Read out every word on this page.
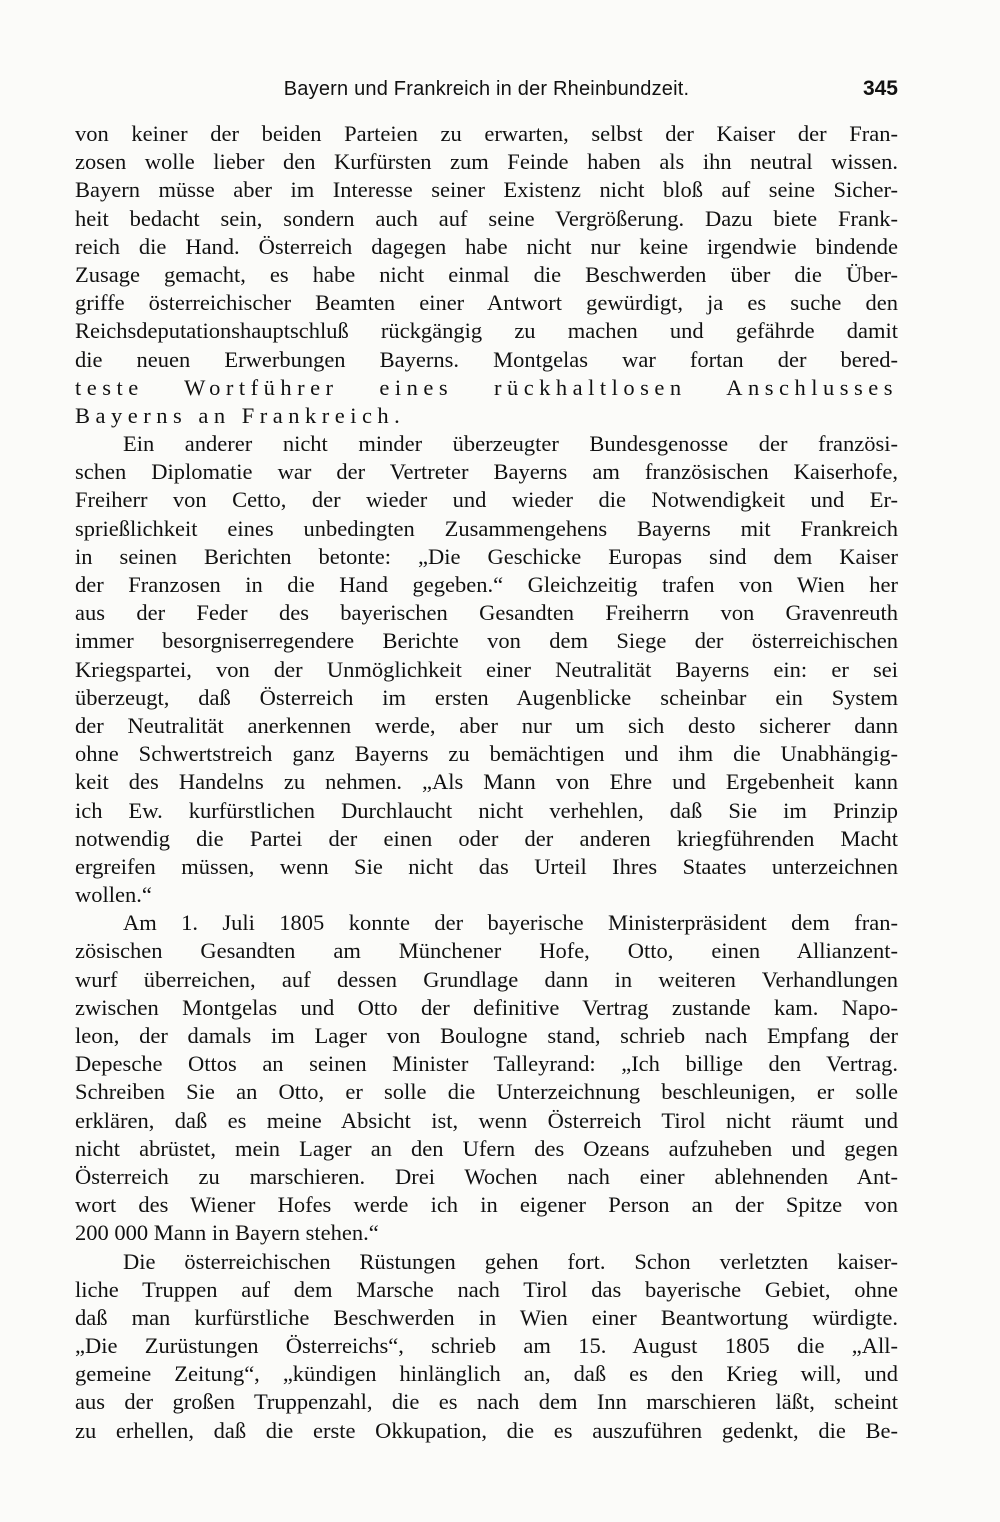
Bayern und Frankreich in der Rheinbundzeit.	345
von keiner der beiden Parteien zu erwarten, selbst der Kaiser der Fran-
zosen wolle lieber den Kurfürsten zum Feinde haben als ihn neutral wissen.
Bayern müsse aber im Interesse seiner Existenz nicht bloß auf seine Sicher-
heit bedacht sein, sondern auch auf seine Vergrößerung. Dazu biete Frank-
reich die Hand. Österreich dagegen habe nicht nur keine irgendwie bindende
Zusage gemacht, es habe nicht einmal die Beschwerden über die Über-
griffe österreichischer Beamten einer Antwort gewürdigt, ja es suche den
Reichsdeputationshauptschluß rückgängig zu machen und gefährde damit
die neuen Erwerbungen Bayerns. Montgelas war fortan der bered-
teste Wortführer eines rückhaltlosen Anschlusses
Bayerns an Frankreich.
Ein anderer nicht minder überzeugter Bundesgenosse der französi-
schen Diplomatie war der Vertreter Bayerns am französischen Kaiserhofe,
Freiherr von Cetto, der wieder und wieder die Notwendigkeit und Er-
sprießlichkeit eines unbedingten Zusammengehens Bayerns mit Frankreich
in seinen Berichten betonte: „Die Geschicke Europas sind dem Kaiser
der Franzosen in die Hand gegeben.“ Gleichzeitig trafen von Wien her
aus der Feder des bayerischen Gesandten Freiherrn von Gravenreuth
immer besorgniserregendere Berichte von dem Siege der österreichischen
Kriegspartei, von der Unmöglichkeit einer Neutralität Bayerns ein: er sei
überzeugt, daß Österreich im ersten Augenblicke scheinbar ein System
der Neutralität anerkennen werde, aber nur um sich desto sicherer dann
ohne Schwertstreich ganz Bayerns zu bemächtigen und ihm die Unabhängig-
keit des Handelns zu nehmen. „Als Mann von Ehre und Ergebenheit kann
ich Ew. kurfürstlichen Durchlaucht nicht verhehlen, daß Sie im Prinzip
notwendig die Partei der einen oder der anderen kriegführenden Macht
ergreifen müssen, wenn Sie nicht das Urteil Ihres Staates unterzeichnen
wollen.“
Am 1. Juli 1805 konnte der bayerische Ministerpräsident dem fran-
zösischen Gesandten am Münchener Hofe, Otto, einen Allianzent-
wurf überreichen, auf dessen Grundlage dann in weiteren Verhandlungen
zwischen Montgelas und Otto der definitive Vertrag zustande kam. Napo-
leon, der damals im Lager von Boulogne stand, schrieb nach Empfang der
Depesche Ottos an seinen Minister Talleyrand: „Ich billige den Vertrag.
Schreiben Sie an Otto, er solle die Unterzeichnung beschleunigen, er solle
erklären, daß es meine Absicht ist, wenn Österreich Tirol nicht räumt und
nicht abrüstet, mein Lager an den Ufern des Ozeans aufzuheben und gegen
Österreich zu marschieren. Drei Wochen nach einer ablehnenden Ant-
wort des Wiener Hofes werde ich in eigener Person an der Spitze von
200 000 Mann in Bayern stehen.“
Die österreichischen Rüstungen gehen fort. Schon verletzten kaiser-
liche Truppen auf dem Marsche nach Tirol das bayerische Gebiet, ohne
daß man kurfürstliche Beschwerden in Wien einer Beantwortung würdigte.
„Die Zurüstungen Österreichs“, schrieb am 15. August 1805 die „All-
gemeine Zeitung“, „kündigen hinlänglich an, daß es den Krieg will, und
aus der großen Truppenzahl, die es nach dem Inn marschieren läßt, scheint
zu erhellen, daß die erste Okkupation, die es auszuführen gedenkt, die Be-
